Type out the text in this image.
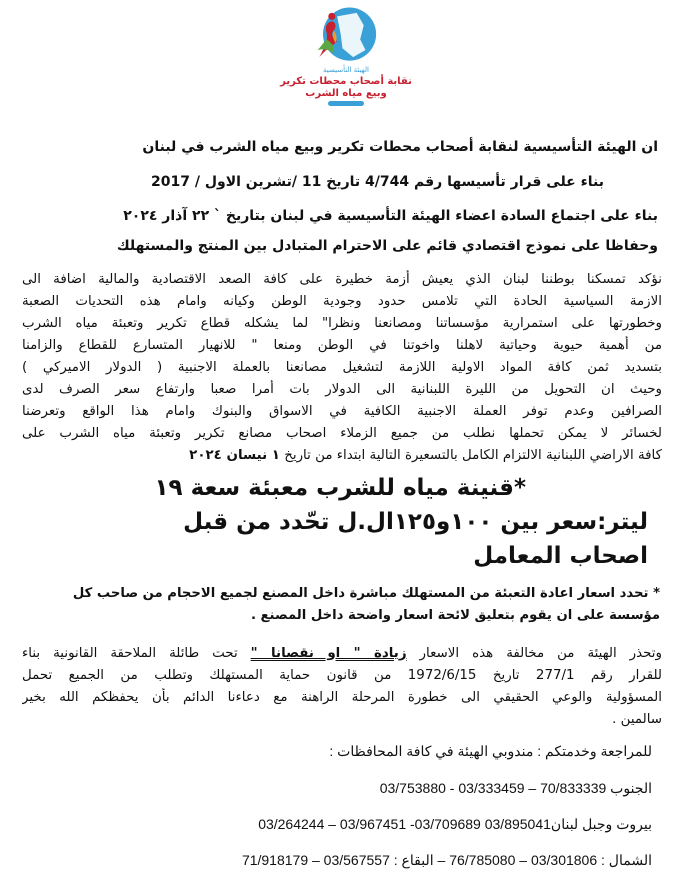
الهيئة التأسيسية
نقابة أصحاب محطات تكرير
وبيع مياه الشرب
ان الهيئة التأسيسية لنقابة أصحاب محطات تكرير وبيع مياه الشرب في لبنان
بناء على قرار تأسيسها رقم 4/744 تاريخ 11 /تشرين الاول / 2017
بناء على اجتماع السادة اعضاء الهيئة التأسيسية في لبنان بتاريخ ` ٢٢ آذار ٢٠٢٤
وحفاظا على نموذج اقتصادي قائم على الاحترام المتبادل بين المنتج والمستهلك
نؤكد تمسكنا بوطننا لبنان الذي يعيش أزمة خطيرة على كافة الصعد الاقتصادية والمالية اضافة الى
الازمة السياسية الحادة التي تلامس حدود وجودية الوطن وكيانه وامام هذه التحديات الصعبة
وخطورتها على استمرارية مؤسساتنا ومصانعنا ونظرا" لما يشكله قطاع تكرير وتعبئة مياه الشرب
من أهمية حيوية وحياتية لاهلنا واخوتنا في الوطن ومنعا " للانهيار المتسارع للقطاع والزامنا
بتسديد ثمن كافة المواد الاولية اللازمة لتشغيل مصانعنا بالعملة الاجنبية ( الدولار الاميركي )
وحيث ان التحويل من الليرة اللبنانية الى الدولار بات أمرا صعبا وارتفاع سعر الصرف لدى
الصرافين وعدم توفر العملة الاجنبية الكافية في الاسواق والبنوك وامام هذا الواقع وتعرضنا
لخسائر لا يمكن تحملها نطلب من جميع الزملاء اصحاب مصانع تكرير وتعبئة مياه الشرب على
كافة الاراضي اللبنانية الالتزام الكامل بالتسعيرة التالية ابتداء من تاريخ ١ نيسان ٢٠٢٤
*قنينة مياه للشرب معبئة سعة ١٩
ليتر:سعر بين ١٠٠و١٢٥ال.ل تحّدد من قبل
اصحاب المعامل
* تحدد اسعار اعادة التعبئة من المستهلك مباشرة داخل المصنع لجميع الاحجام من صاحب كل
مؤسسة على ان يقوم بتعليق لائحة اسعار واضحة داخل المصنع .
وتحذر الهيئة من مخالفة هذه الاسعار زيادة " او نقصانا " تحت طائلة الملاحقة القانونية بناء
للقرار رقم 277/1 تاريخ 1972/6/15 من قانون حماية المستهلك وتطلب من الجميع تحمل
المسؤولية والوعي الحقيقي الى خطورة المرحلة الراهنة مع دعاءنا الدائم بأن يحفظكم الله بخير
سالمين .
للمراجعة وخدمتكم : مندوبي الهيئة في كافة المحافظات :
الجنوب 03/753880 - 03/333459 – 70/833339
بيروت وجبل لبنان03/264244 – 03/967451 -03/709689 03/895041
الشمال : 76/785080 – 03/301806 – البقاع : 71/918179 – 03/567557
